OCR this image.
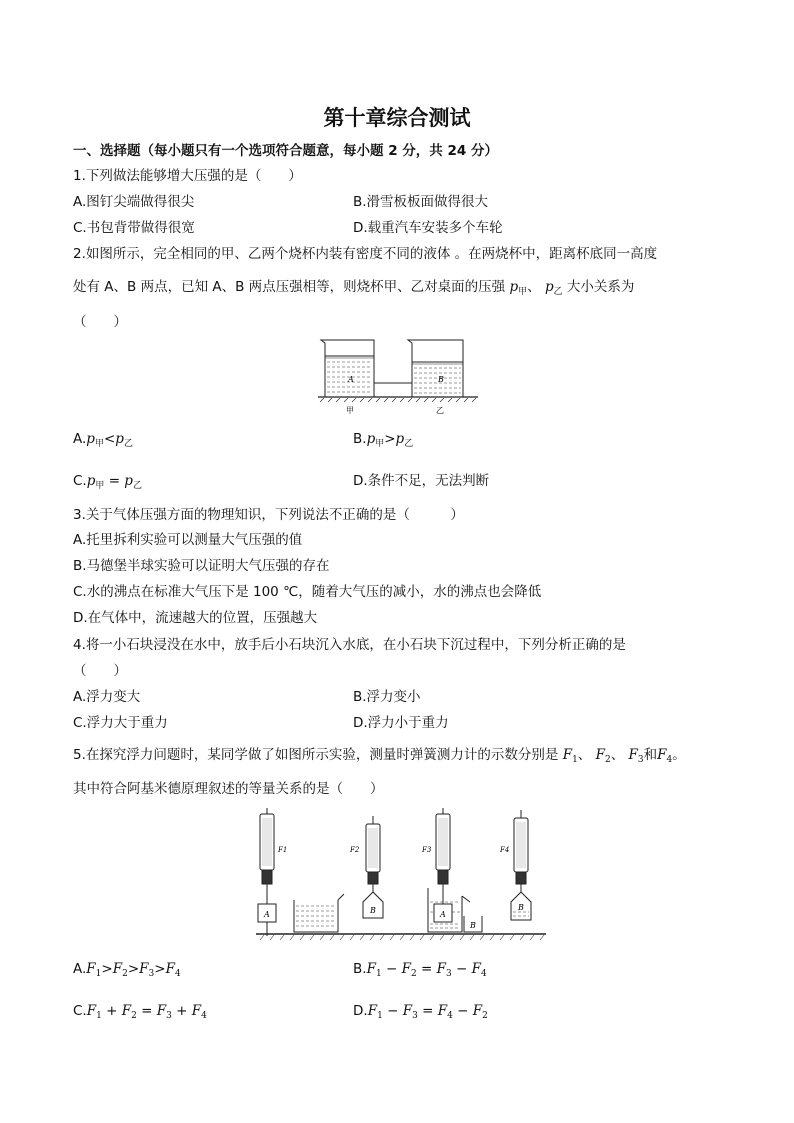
第十章综合测试
一、选择题（每小题只有一个选项符合题意，每小题 2 分，共 24 分）
1.下列做法能够增大压强的是（　　）
A.图钉尖端做得很尖	B.滑雪板板面做得很大
C.书包背带做得很宽	D.载重汽车安装多个车轮
2.如图所示，完全相同的甲、乙两个烧杯内装有密度不同的液体 。在两烧杯中，距离杯底同一高度
处有 A、B 两点，已知 A、B 两点压强相等，则烧杯甲、乙对桌面的压强 $p_甲$、 $p_乙$ 大小关系为
（　　）
A	B
甲	乙
$A.p_甲<p_乙$	$B.p_甲>p_乙$
$C.p_甲 = p_乙$	D.条件不足，无法判断
3.关于气体压强方面的物理知识，下列说法不正确的是（　　　）
A.托里拆利实验可以测量大气压强的值
B.马德堡半球实验可以证明大气压强的存在
C.水的沸点在标准大气压下是 100 ℃，随着大气压的减小，水的沸点也会降低
D.在气体中，流速越大的位置，压强越大
4.将一小石块浸没在水中，放手后小石块沉入水底，在小石块下沉过程中，下列分析正确的是
（　　）
A.浮力变大	B.浮力变小
C.浮力大于重力	D.浮力小于重力
5.在探究浮力问题时，某同学做了如图所示实验，测量时弹簧测力计的示数分别是 $F_1$、 $F_2$、 $F_3$和$F_4$。
其中符合阿基米德原理叙述的等量关系的是（　　）
F1	F2	F3	F4
A	B	A
B
B
$A.F_1>F_2>F_3>F_4$	$B.F_1 - F_2 = F_3 - F_4$
$C.F_1 + F_2 = F_3 + F_4$	$D.F_1 - F_3 = F_4 - F_2$
